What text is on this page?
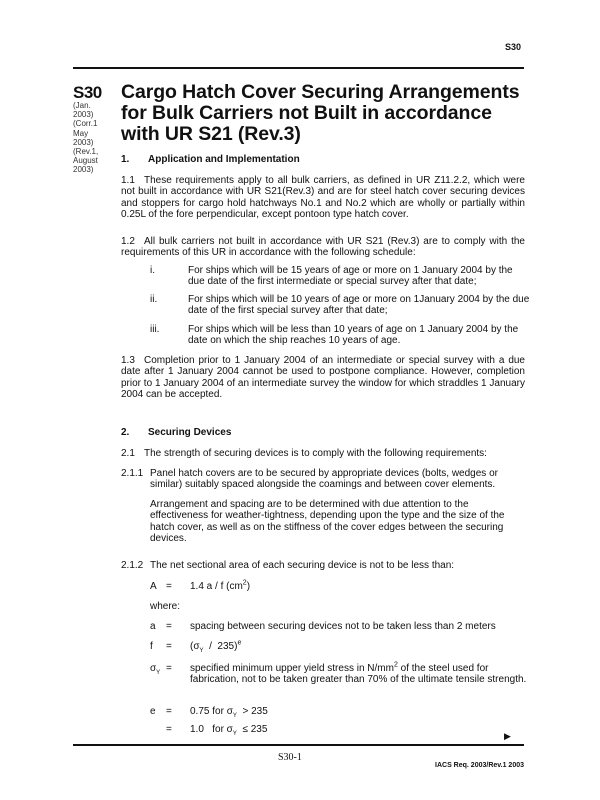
S30
S30
(Jan.
2003)
(Corr.1
May
2003)
(Rev.1,
August
2003)
Cargo Hatch Cover Securing Arrangements for Bulk Carriers not Built in accordance with UR S21 (Rev.3)
1. Application and Implementation
1.1 These requirements apply to all bulk carriers, as defined in UR Z11.2.2, which were not built in accordance with UR S21(Rev.3) and are for steel hatch cover securing devices and stoppers for cargo hold hatchways No.1 and No.2 which are wholly or partially within 0.25L of the fore perpendicular, except pontoon type hatch cover.
1.2 All bulk carriers not built in accordance with UR S21 (Rev.3) are to comply with the requirements of this UR in accordance with the following schedule:
i.	For ships which will be 15 years of age or more on 1 January 2004 by the due date of the first intermediate or special survey after that date;
ii.	For ships which will be 10 years of age or more on 1January 2004 by the due date of the first special survey after that date;
iii.	For ships which will be less than 10 years of age on 1 January 2004 by the date on which the ship reaches 10 years of age.
1.3 Completion prior to 1 January 2004 of an intermediate or special survey with a due date after 1 January 2004 cannot be used to postpone compliance. However, completion prior to 1 January 2004 of an intermediate survey the window for which straddles 1 January 2004 can be accepted.
2. Securing Devices
2.1 The strength of securing devices is to comply with the following requirements:
2.1.1 Panel hatch covers are to be secured by appropriate devices (bolts, wedges or similar) suitably spaced alongside the coamings and between cover elements.
Arrangement and spacing are to be determined with due attention to the effectiveness for weather-tightness, depending upon the type and the size of the hatch cover, as well as on the stiffness of the cover edges between the securing devices.
2.1.2 The net sectional area of each securing device is not to be less than:
A = 1.4 a / f $(cm^2)$
where:
a = spacing between securing devices not to be taken less than 2 meters
$f = (\sigma_Y / 235)^e$
$\sigma_Y$ = specified minimum upper yield stress in $N/mm^2$ of the steel used for fabrication, not to be taken greater than 70% of the ultimate tensile strength.
e = 0.75 for $\sigma_Y > 235$
= 1.0   for $\sigma_Y \le 235$
▶
S30-1
IACS Req. 2003/Rev.1 2003
